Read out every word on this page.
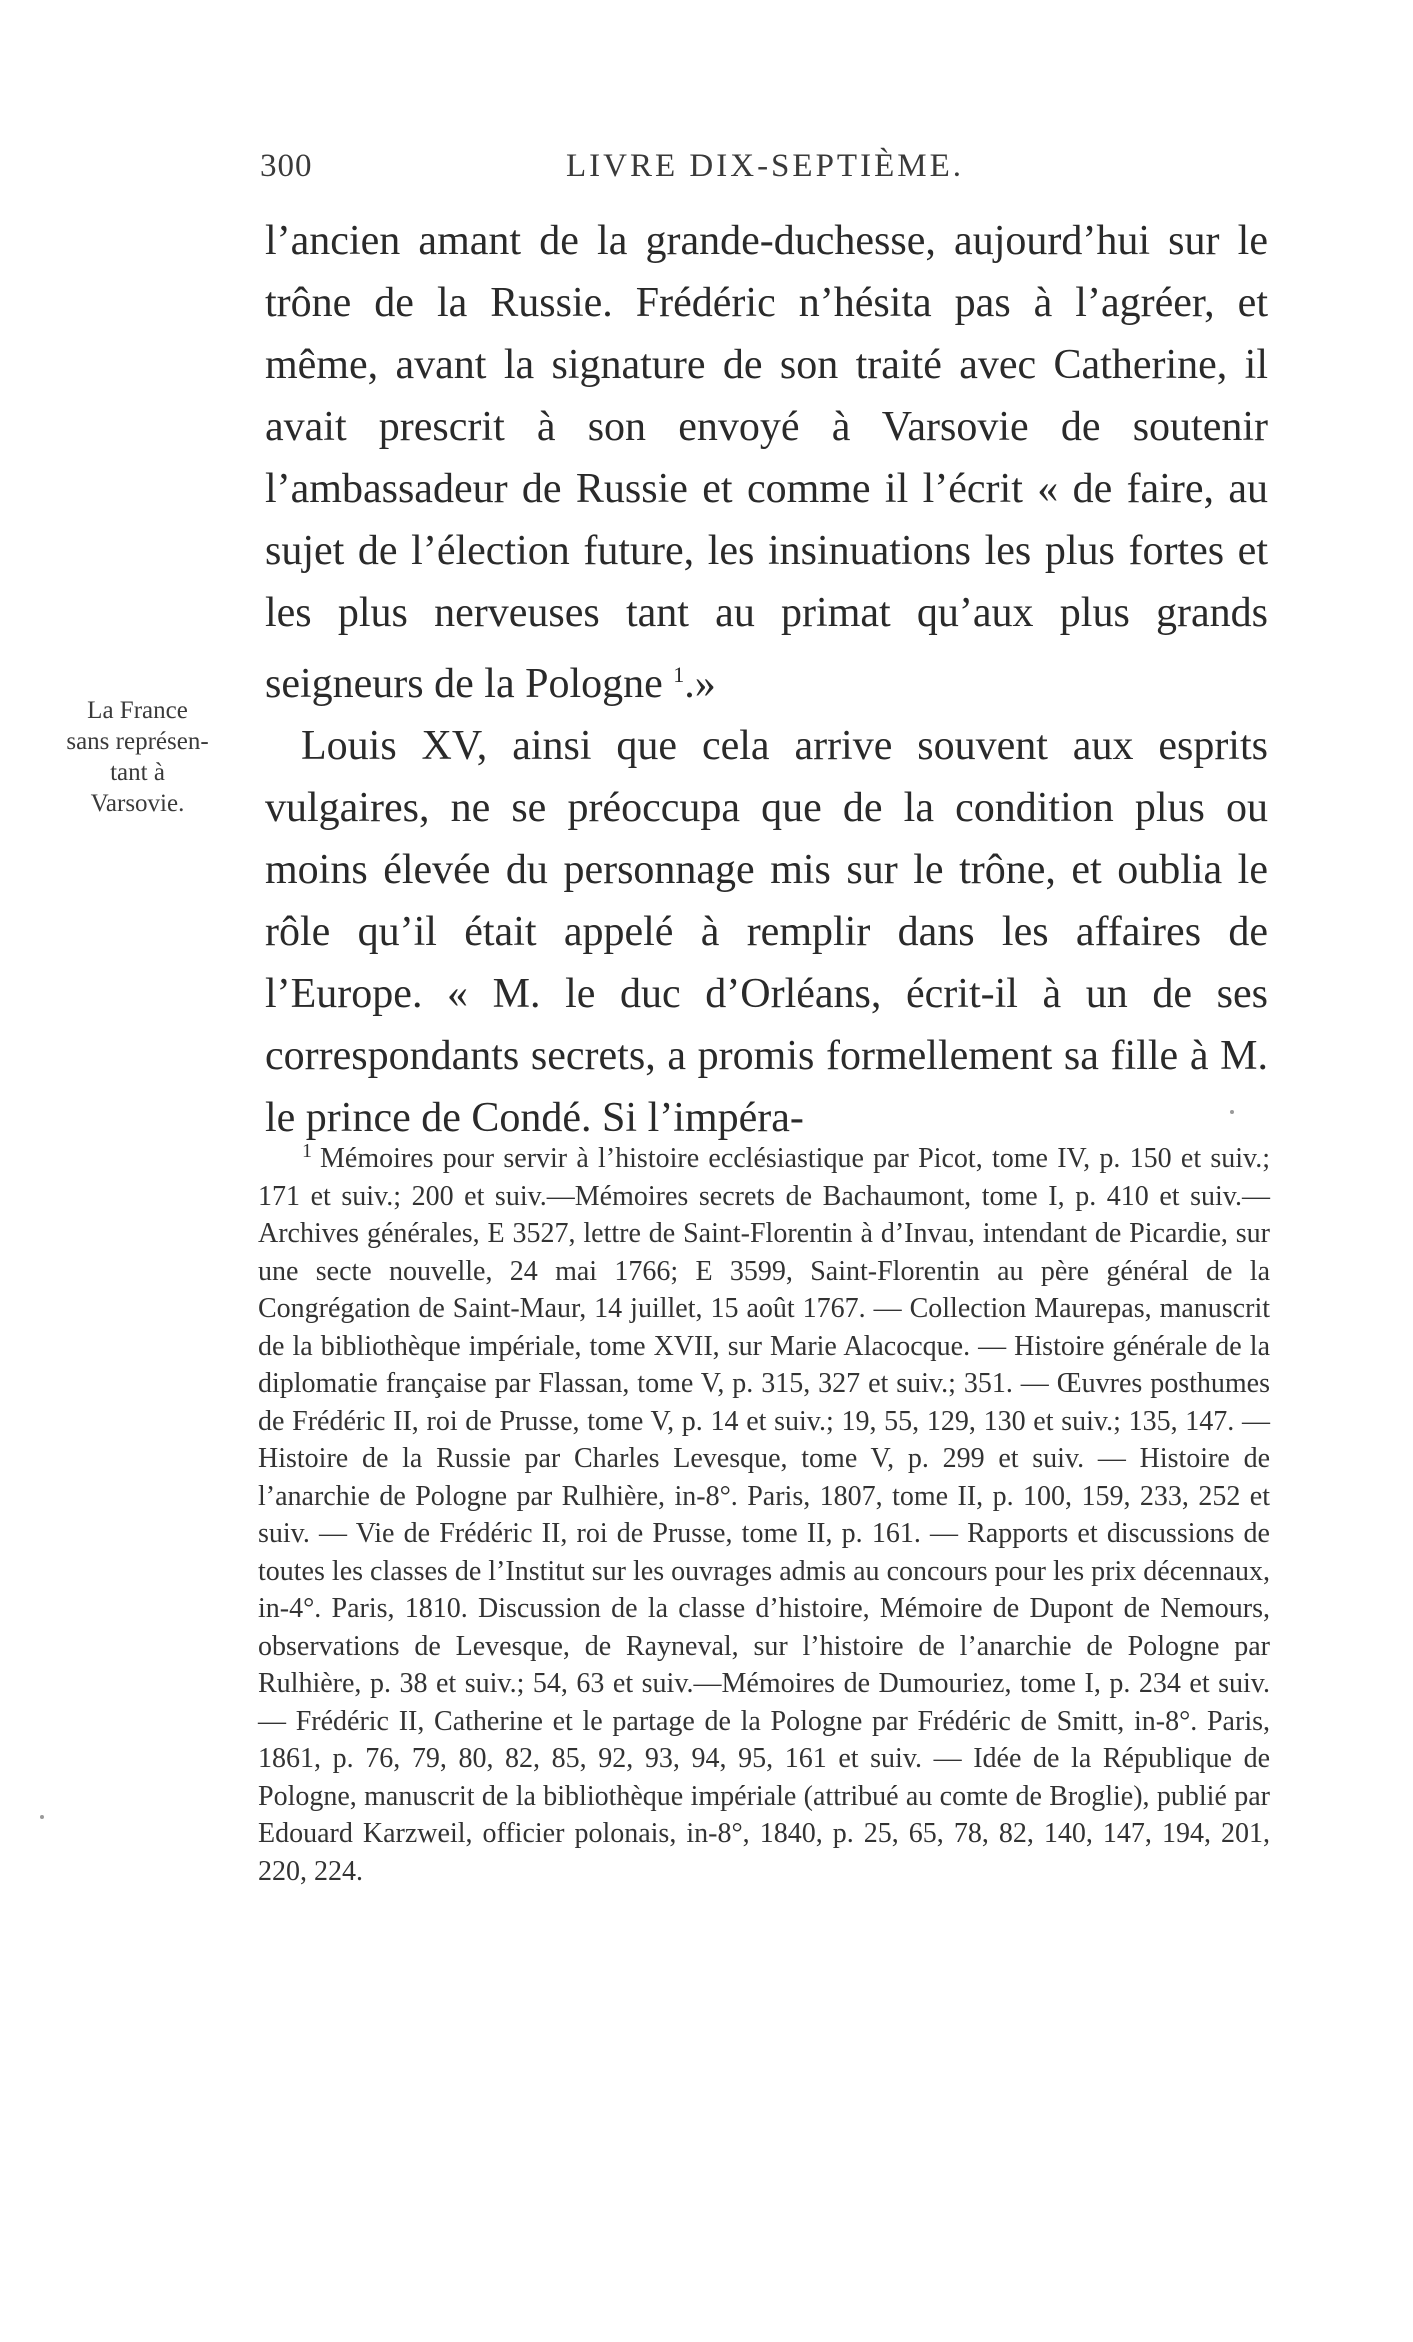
300	LIVRE DIX-SEPTIÈME.
La France
sans représen-
tant à
Varsovie.

l’ancien amant de la grande-duchesse, aujourd’hui sur le trône de la Russie. Frédéric n’hésita pas à l’agréer, et même, avant la signature de son traité avec Catherine, il avait prescrit à son envoyé à Varsovie de soutenir l’ambassadeur de Russie et comme il l’écrit « de faire, au sujet de l’élection future, les insinuations les plus fortes et les plus nerveuses tant au primat qu’aux plus grands seigneurs de la Pologne $^1$.»

Louis XV, ainsi que cela arrive souvent aux esprits vulgaires, ne se préoccupa que de la condition plus ou moins élevée du personnage mis sur le trône, et oublia le rôle qu’il était appelé à remplir dans les affaires de l’Europe. « M. le duc d’Orléans, écrit-il à un de ses correspondants secrets, a promis formellement sa fille à M. le prince de Condé. Si l’impéra-

$^1$ Mémoires pour servir à l’histoire ecclésiastique par Picot, tome IV, p. 150 et suiv.; 171 et suiv.; 200 et suiv.—Mémoires secrets de Bachaumont, tome I, p. 410 et suiv.—Archives générales, E 3527, lettre de Saint-Florentin à d’Invau, intendant de Picardie, sur une secte nouvelle, 24 mai 1766; E 3599, Saint-Florentin au père général de la Congrégation de Saint-Maur, 14 juillet, 15 août 1767. — Collection Maurepas, manuscrit de la bibliothèque impériale, tome XVII, sur Marie Alacocque. — Histoire générale de la diplomatie française par Flassan, tome V, p. 315, 327 et suiv.; 351. — Œuvres posthumes de Frédéric II, roi de Prusse, tome V, p. 14 et suiv.; 19, 55, 129, 130 et suiv.; 135, 147. — Histoire de la Russie par Charles Levesque, tome V, p. 299 et suiv. — Histoire de l’anarchie de Pologne par Rulhière, in-8°. Paris, 1807, tome II, p. 100, 159, 233, 252 et suiv. — Vie de Frédéric II, roi de Prusse, tome II, p. 161. — Rapports et discussions de toutes les classes de l’Institut sur les ouvrages admis au concours pour les prix décennaux, in-4°. Paris, 1810. Discussion de la classe d’histoire, Mémoire de Dupont de Nemours, observations de Levesque, de Rayneval, sur l’histoire de l’anarchie de Pologne par Rulhière, p. 38 et suiv.; 54, 63 et suiv.—Mémoires de Dumouriez, tome I, p. 234 et suiv.— Frédéric II, Catherine et le partage de la Pologne par Frédéric de Smitt, in-8°. Paris, 1861, p. 76, 79, 80, 82, 85, 92, 93, 94, 95, 161 et suiv. — Idée de la République de Pologne, manuscrit de la bibliothèque impériale (attribué au comte de Broglie), publié par Edouard Karzweil, officier polonais, in-8°, 1840, p. 25, 65, 78, 82, 140, 147, 194, 201, 220, 224.
